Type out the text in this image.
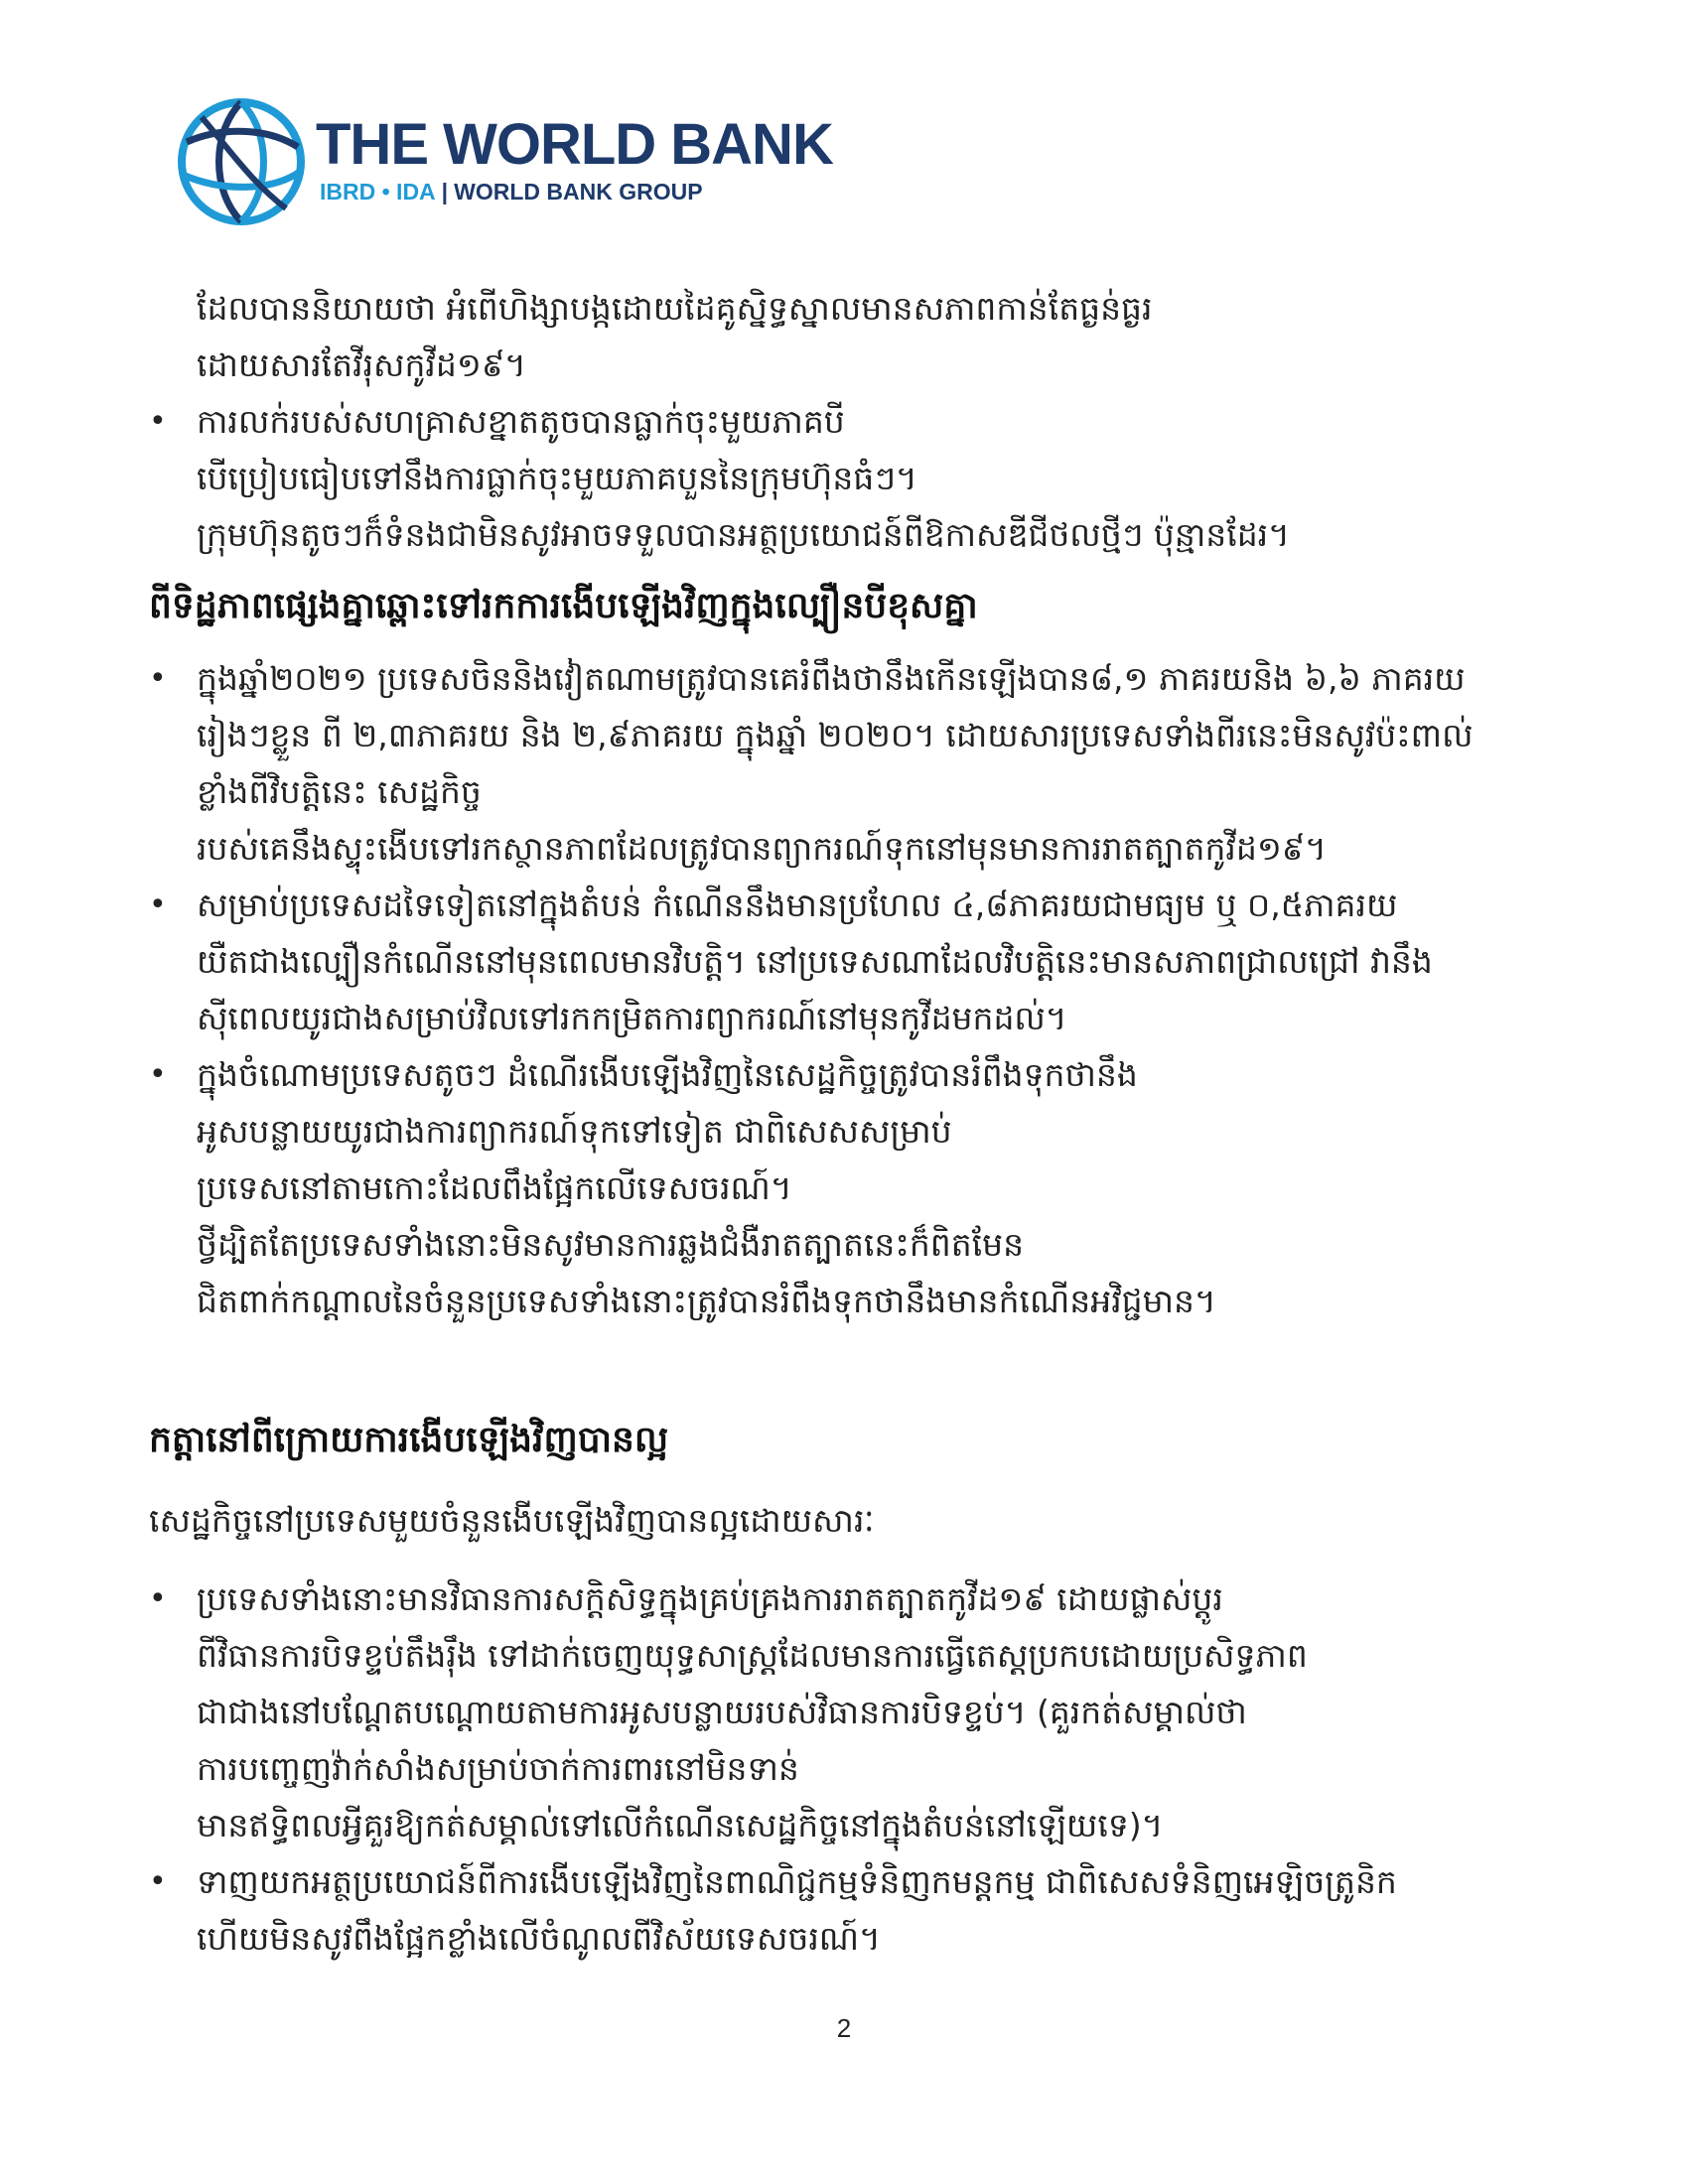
THE WORLD BANK
IBRD • IDA | WORLD BANK GROUP
ដែលបាននិយាយថា អំពើហិង្សាបង្កដោយដៃគូស្និទ្ធស្នាលមានសភាពកាន់តែធ្ងន់ធ្ងរ
ដោយសារតែវីរុសកូវីដ១៩។
• ការលក់របស់សហគ្រាសខ្នាតតូចបានធ្លាក់ចុះមួយភាគបី
បើប្រៀបធៀបទៅនឹងការធ្លាក់ចុះមួយភាគបួននៃក្រុមហ៊ុនធំៗ។
ក្រុមហ៊ុនតូចៗក៏ទំនងជាមិនសូវអាចទទួលបានអត្ថប្រយោជន៍ពីឱកាសឌីជីថលថ្មីៗ ប៉ុន្មានដែរ។
ពីទិដ្ឋភាពផ្សេងគ្នាឆ្ពោះទៅរកការងើបឡើងវិញក្នុងល្បឿនបីខុសគ្នា
• ក្នុងឆ្នាំ២០២១ ប្រទេសចិននិងវៀតណាមត្រូវបានគេរំពឹងថានឹងកើនឡើងបាន៨,១ ភាគរយនិង ៦,៦ ភាគរយ
រៀងៗខ្លួន ពី ២,៣ភាគរយ និង ២,៩ភាគរយ ក្នុងឆ្នាំ ២០២០។ ដោយសារប្រទេសទាំងពីរនេះមិនសូវប៉ះពាល់
ខ្លាំងពីវិបត្តិនេះ សេដ្ឋកិច្ច
របស់គេនឹងស្ទុះងើបទៅរកស្ថានភាពដែលត្រូវបានព្យាករណ៍ទុកនៅមុនមានការរាតត្បាតកូវីដ១៩។
• សម្រាប់ប្រទេសដទៃទៀតនៅក្នុងតំបន់ កំណើននឹងមានប្រហែល ៤,៨ភាគរយជាមធ្យម ឬ ០,៥ភាគរយ
យឺតជាងល្បឿនកំណើននៅមុនពេលមានវិបត្តិ។ នៅប្រទេសណាដែលវិបត្តិនេះមានសភាពជ្រាលជ្រៅ វានឹង
ស៊ីពេលយូរជាងសម្រាប់វិលទៅរកកម្រិតការព្យាករណ៍នៅមុនកូវីដមកដល់។
• ក្នុងចំណោមប្រទេសតូចៗ ដំណើរងើបឡើងវិញនៃសេដ្ឋកិច្ចត្រូវបានរំពឹងទុកថានឹង
អូសបន្លាយយូរជាងការព្យាករណ៍ទុកទៅទៀត ជាពិសេសសម្រាប់
ប្រទេសនៅតាមកោះដែលពឹងផ្អែកលើទេសចរណ៍។
ថ្វីដ្បិតតែប្រទេសទាំងនោះមិនសូវមានការឆ្លងជំងឺរាតត្បាតនេះក៏ពិតមែន
ជិតពាក់កណ្តាលនៃចំនួនប្រទេសទាំងនោះត្រូវបានរំពឹងទុកថានឹងមានកំណើនអវិជ្ជមាន។
កត្តានៅពីក្រោយការងើបឡើងវិញបានល្អ
សេដ្ឋកិច្ចនៅប្រទេសមួយចំនួនងើបឡើងវិញបានល្អដោយសារៈ
• ប្រទេសទាំងនោះមានវិធានការសក្តិសិទ្ធក្នុងគ្រប់គ្រងការរាតត្បាតកូវីដ១៩ ដោយផ្លាស់ប្តូរ
ពីវិធានការបិទខ្ទប់តឹងរ៉ឹង ទៅដាក់ចេញយុទ្ធសាស្ត្រដែលមានការធ្វើតេស្តប្រកបដោយប្រសិទ្ធភាព
ជាជាងនៅបណ្តែតបណ្តោយតាមការអូសបន្លាយរបស់វិធានការបិទខ្ទប់។ (គួរកត់សម្គាល់ថា
ការបញ្ចេញវ៉ាក់សាំងសម្រាប់ចាក់ការពារនៅមិនទាន់
មានឥទ្ធិពលអ្វីគួរឱ្យកត់សម្គាល់ទៅលើកំណើនសេដ្ឋកិច្ចនៅក្នុងតំបន់នៅឡើយទេ)។
• ទាញយកអត្ថប្រយោជន៍ពីការងើបឡើងវិញនៃពាណិជ្ជកម្មទំនិញកមន្តកម្ម ជាពិសេសទំនិញអេឡិចត្រូនិក
ហើយមិនសូវពឹងផ្អែកខ្លាំងលើចំណូលពីវិស័យទេសចរណ៍។
2
